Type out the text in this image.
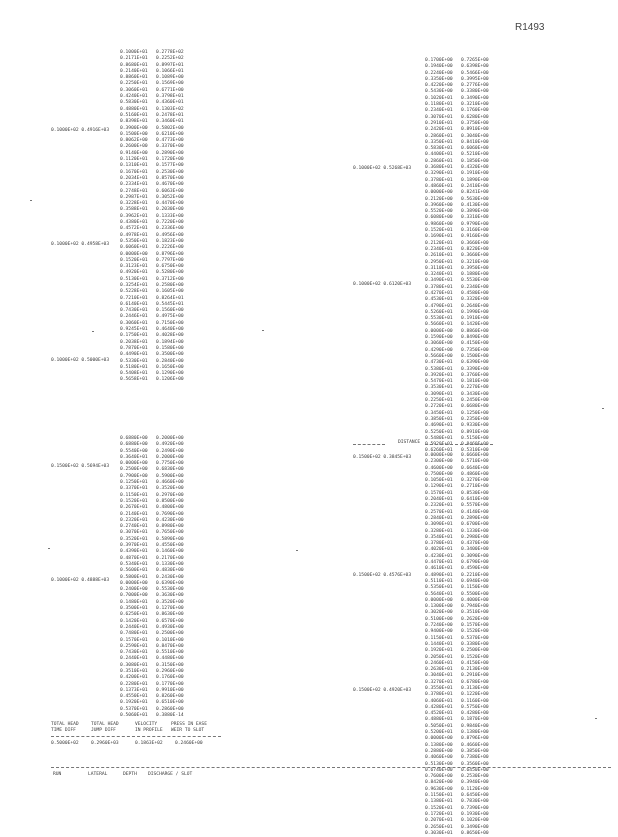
R1493
0.1000E+01	0.2778E+02
0.2171E+01	0.2252E+02
0.8680E+01	0.8997E+01
0.2140E+01	0.1066E+01
0.8860E+01	0.1089E+00
0.2250E+01	0.1569E+00
0.3060E+01	0.6771E+00
0.4240E+01	0.3798E+01
0.5830E+01	0.4360E+01
0.4880E+01	0.1303E+02
0.5160E+01	0.2478E+01
0.8398E+01	0.3460E+01
0.3900E+00	0.5802E+00
0.1500E+00	0.6210E+00
0.8062E+00	0.4773E+00
0.2600E+00	0.3370E+00
0.9140E+00	0.2890E+00
0.1120E+01	0.1720E+00
0.1310E+01	0.1577E+00
0.1670E+01	0.2530E+00
0.2034E+01	0.8570E+00
0.2334E+01	0.4670E+00
0.2748E+01	0.6063E+00
0.2987E+01	0.3052E+00
0.3228E+01	0.4470E+00
0.3588E+01	0.2030E+00
0.3962E+01	0.1333E+00
0.4380E+01	0.7220E+00
0.4572E+01	0.2336E+00
0.4978E+01	0.4956E+00
0.5350E+01	0.1823E+00
0.6060E+01	0.2226E+00
0.0000E+00	0.8796E+00
0.1520E+01	0.7797E+00
0.3123E+01	0.6750E+00
0.4920E+01	0.5280E+00
0.5130E+01	0.3712E+00
0.3254E+01	0.2580E+00
0.5228E+01	0.1605E+00
0.7210E+01	0.8264E+01
0.6140E+01	0.5445E+01
0.7430E+01	0.1560E+00
0.2446E+01	0.4975E+00
0.3060E+01	0.7150E+00
0.9245E+01	0.4640E+00
0.1750E+01	0.4028E+00
0.2038E+01	0.1894E+00
0.7870E+01	0.1580E+00
0.4490E+01	0.3500E+00
0.5330E+01	0.2840E+00
0.5180E+01	0.1650E+00
0.5408E+01	0.1290E+00
0.5658E+01	0.1206E+00
0.1000E+02 0.4916E+03
0.1000E+02 0.4958E+03
0.1000E+02 0.5000E+03
0.6880E+00	0.2000E+00
0.6880E+00	0.4920E+00
0.5540E+00	0.2490E+00
0.3640E+01	0.2000E+00
0.0000E+00	0.7750E+00
0.2500E+00	0.6830E+00
0.7900E+00	0.5900E+00
0.1250E+01	0.4660E+00
0.3370E+01	0.3520E+00
0.1150E+01	0.2970E+00
0.1520E+01	0.8500E+00
0.2670E+01	0.4800E+00
0.2140E+01	0.7690E+00
0.2320E+01	0.4230E+00
0.2740E+01	0.8980E+00
0.3070E+01	0.7650E+00
0.3520E+01	0.5890E+00
0.3970E+01	0.4550E+00
0.4390E+01	0.1460E+00
0.4870E+01	0.2170E+00
0.5340E+01	0.1330E+00
0.5600E+01	0.4830E+00
0.5800E+01	0.2430E+00
0.0000E+00	0.6390E+00
0.2400E+00	0.5530E+00
0.7000E+00	0.3630E+00
0.1480E+01	0.3520E+00
0.3500E+01	0.1270E+00
0.6250E+01	0.8630E+00
0.1420E+01	0.6570E+00
0.2440E+01	0.4930E+00
0.7480E+01	0.2500E+00
0.1570E+01	0.1010E+00
0.2590E+01	0.8470E+00
0.7430E+01	0.5510E+00
0.2440E+01	0.4480E+00
0.3080E+01	0.3150E+00
0.3510E+01	0.2960E+00
0.4200E+01	0.1760E+00
0.2280E+01	0.1770E+00
0.1373E+01	0.9910E+00
0.4550E+01	0.8260E+00
0.1920E+01	0.6510E+00
0.5370E+01	0.2860E+00
0.5060E+01	0.3880E-14
0.1500E+02 0.5694E+03
0.1000E+02 0.4888E+03
TOTAL HEAD
TIME DIFF
TOTAL HEAD
JUMP DIFF
VELOCITY
IN PROFILE
PRESS IN EASE
WEIR TO SLOT
0.5000E+02	0.2960E+03	0.1863E+02	0.2460E+00
RUN	LATERAL	DEPTH DISCHARGE / SLOT
0.1700E+00	0.7265E+00
0.1940E+00	0.6398E+00
0.2240E+00	0.5466E+00
0.3350E+00	0.3995E+00
0.4220E+00	0.2776E+00
0.5430E+00	0.3380E+00
0.1020E+01	0.3490E+00
0.1180E+01	0.3210E+00
0.2340E+01	0.1760E+00
0.3070E+01	0.6280E+00
0.2910E+01	0.3750E+00
0.2420E+01	0.8910E+00
0.2860E+01	0.3040E+00
0.3350E+01	0.8410E+00
0.5830E+01	0.6060E+00
0.4400E+01	0.5210E+00
0.2860E+01	0.1850E+00
0.3680E+01	0.4320E+00
0.3290E+01	0.1910E+00
0.3780E+01	0.1890E+00
0.4860E+01	0.2410E+00
0.0000E+00	0.8241E+00
0.2120E+00	0.5630E+00
0.3960E+00	0.4130E+00
0.5520E+00	0.3890E+00
0.6080E+00	0.3310E+00
0.9860E+00	0.9790E+00
0.1520E+01	0.3160E+00
0.1690E+01	0.9160E+00
0.2120E+01	0.3660E+00
0.2340E+01	0.8220E+00
0.2610E+01	0.3660E+00
0.2950E+01	0.3210E+00
0.3110E+01	0.3950E+00
0.3240E+01	0.1880E+00
0.3490E+01	0.5530E+00
0.3780E+01	0.2340E+00
0.4270E+01	0.4580E+00
0.4530E+01	0.3320E+00
0.4790E+01	0.2640E+00
0.5260E+01	0.1990E+00
0.5530E+01	0.1910E+00
0.5660E+01	0.1420E+00
0.0000E+00	0.8860E+00
0.1590E+00	0.8490E+00
0.3060E+00	0.4150E+00
0.4290E+00	0.7350E+00
0.5660E+00	0.1500E+00
0.4730E+01	0.6390E+00
0.5380E+01	0.3390E+00
0.3920E+01	0.3760E+00
0.5470E+01	0.1810E+00
0.3530E+01	0.2270E+00
0.3090E+01	0.3430E+00
0.2250E+01	0.2450E+00
0.2720E+01	0.6680E+00
0.3450E+01	0.1250E+00
0.3850E+01	0.2350E+00
0.4690E+01	0.9330E+00
0.5250E+01	0.8910E+00
0.5480E+01	0.5150E+00
0.5920E+01	0.8460E+00
0.6260E+01	0.5310E+00
0.1000E+02 0.5268E+03
0.1000E+02 0.6120E+03
DISTANCE
0.0000E+00	0.6660E+00
0.2300E+00	0.5710E+00
0.4600E+00	0.6640E+00
0.7500E+00	0.4860E+00
0.1050E+01	0.3270E+00
0.1290E+01	0.2710E+00
0.1570E+01	0.8530E+00
0.2040E+01	0.6410E+00
0.2320E+01	0.5570E+00
0.2570E+01	0.4140E+00
0.2840E+01	0.2890E+00
0.3090E+01	0.6700E+00
0.3280E+01	0.1330E+00
0.3540E+01	0.2980E+00
0.3780E+01	0.4370E+00
0.4020E+01	0.3400E+00
0.4230E+01	0.3090E+00
0.4470E+01	0.6790E+00
0.4610E+01	0.4590E+00
0.4890E+01	0.2210E+00
0.5110E+01	0.6940E+00
0.5350E+01	0.1150E+00
0.5640E+01	0.5500E+00
0.0000E+00	0.4000E+00
0.1300E+00	0.7940E+00
0.3020E+00	0.3510E+00
0.5100E+00	0.2620E+00
0.7240E+00	0.1570E+00
0.9400E+00	0.1520E+00
0.1150E+01	0.5370E+00
0.1440E+01	0.3380E+00
0.1920E+01	0.2500E+00
0.2050E+01	0.1520E+00
0.2460E+01	0.4150E+00
0.2630E+01	0.2130E+00
0.3040E+01	0.2910E+00
0.3270E+01	0.6780E+00
0.3550E+01	0.3130E+00
0.3780E+01	0.1220E+00
0.4060E+01	0.1160E+00
0.4280E+01	0.5750E+00
0.4520E+01	0.4280E+00
0.4880E+01	0.1870E+00
0.5050E+01	0.9840E+00
0.5200E+01	0.1380E+00
0.0000E+00	0.8796E+00
0.1380E+00	0.4660E+00
0.2880E+00	0.3850E+00
0.4060E+00	0.7380E+00
0.5130E+00	0.3560E+00
0.6740E+00	0.6450E+00
0.7600E+00	0.2530E+00
0.8420E+00	0.3940E+00
0.9630E+00	0.1120E+00
0.1150E+01	0.6450E+00
0.1380E+01	0.7830E+00
0.1520E+01	0.7390E+00
0.1720E+01	0.1930E+00
0.2070E+01	0.1020E+00
0.2650E+01	0.3490E+00
0.3030E+01	0.8650E+00
0.1500E+02 0.3845E+03
0.1500E+02 0.4576E+03
0.1500E+02 0.4920E+03
